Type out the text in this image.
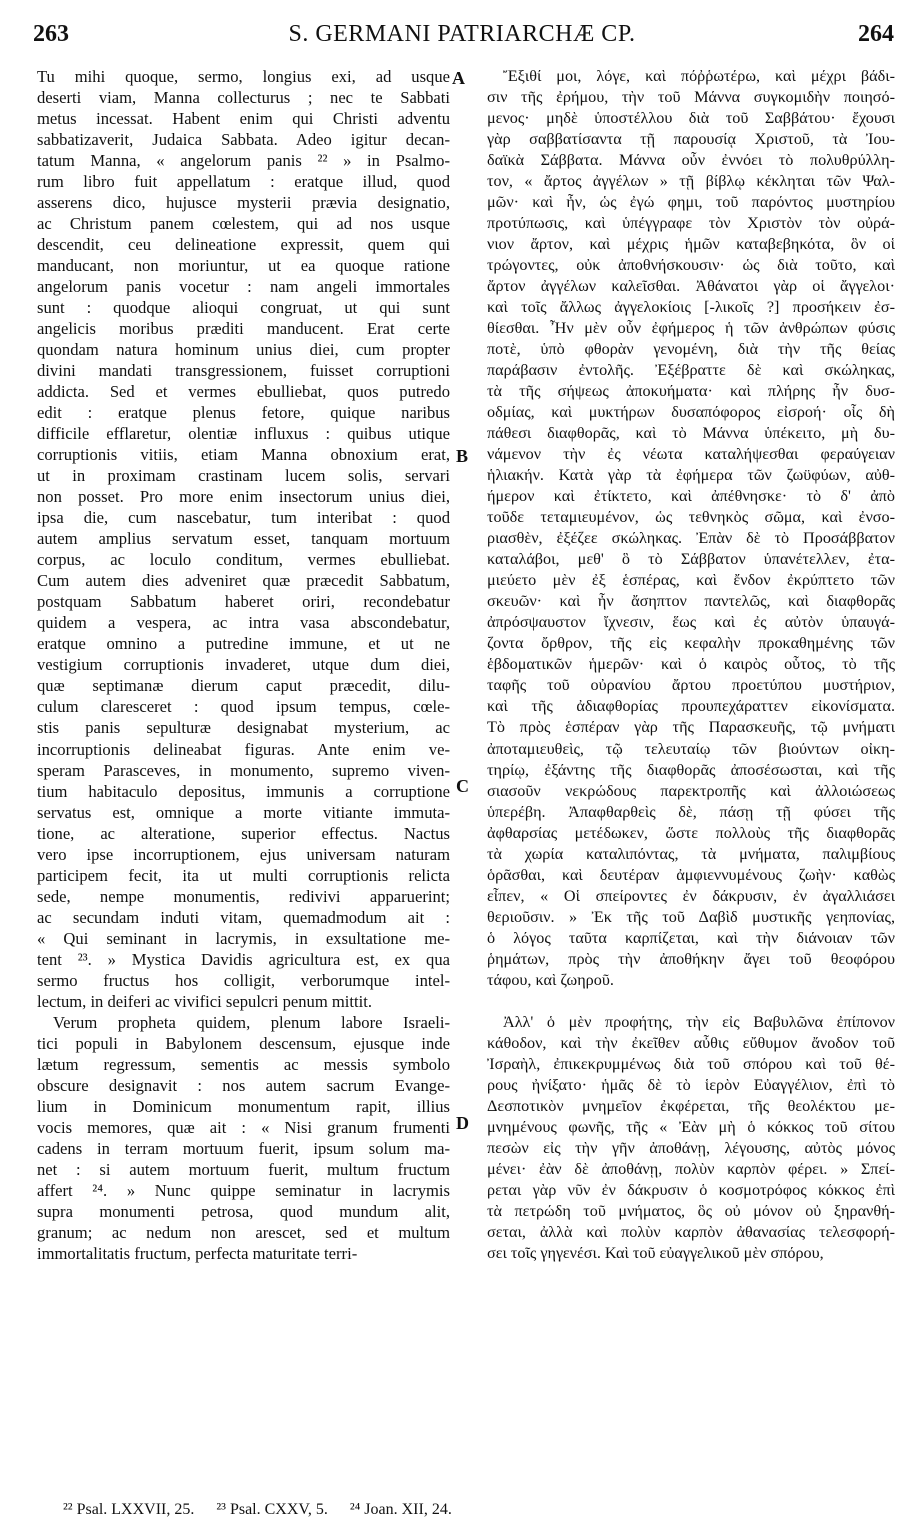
263	S. GERMANI PATRIARCHÆ CP.	264
Tu mihi quoque, sermo, longius exi, ad usque
deserti viam, Manna collecturus ; nec te Sabbati
metus incessat. Habent enim qui Christi adventu
sabbatizaverit, Judaica Sabbata. Adeo igitur decan-
tatum Manna, « angelorum panis ²² » in Psalmo-
rum libro fuit appellatum : eratque illud, quod
asserens dico, hujusce mysterii prævia designatio,
ac Christum panem cœlestem, qui ad nos usque
descendit, ceu delineatione expressit, quem qui
manducant, non moriuntur, ut ea quoque ratione
angelorum panis vocetur : nam angeli immortales
sunt : quodque alioqui congruat, ut qui sunt
angelicis moribus præditi manducent. Erat certe
quondam natura hominum unius diei, cum propter
divini mandati transgressionem, fuisset corruptioni
addicta. Sed et vermes ebulliebat, quos putredo
edit : eratque plenus fetore, quique naribus
difficile efflaretur, olentiæ influxus : quibus utique
corruptionis vitiis, etiam Manna obnoxium erat,
ut in proximam crastinam lucem solis, servari
non posset. Pro more enim insectorum unius diei,
ipsa die, cum nascebatur, tum interibat : quod
autem amplius servatum esset, tanquam mortuum
corpus, ac loculo conditum, vermes ebulliebat.
Cum autem dies adveniret quæ præcedit Sabbatum,
postquam Sabbatum haberet oriri, recondebatur
quidem a vespera, ac intra vasa abscondebatur,
eratque omnino a putredine immune, et ut ne
vestigium corruptionis invaderet, utque dum diei,
quæ septimanæ dierum caput præcedit, dilu-
culum claresceret : quod ipsum tempus, cœle-
stis panis sepulturæ designabat mysterium, ac
incorruptionis delineabat figuras. Ante enim ve-
speram Parasceves, in monumento, supremo viven-
tium habitaculo depositus, immunis a corruptione
servatus est, omnique a morte vitiante immuta-
tione, ac alteratione, superior effectus. Nactus
vero ipse incorruptionem, ejus universam naturam
participem fecit, ita ut multi corruptionis relicta
sede, nempe monumentis, redivivi apparuerint;
ac secundam induti vitam, quemadmodum ait :
« Qui seminant in lacrymis, in exsultatione me-
tent ²³. » Mystica Davidis agricultura est, ex qua
sermo fructus hos colligit, verborumque intel-
lectum, in deiferi ac vivifici sepulcri penum mittit.
Verum propheta quidem, plenum labore Israeli-
tici populi in Babylonem descensum, ejusque inde
lætum regressum, sementis ac messis symbolo
obscure designavit : nos autem sacrum Evange-
lium in Dominicum monumentum rapit, illius
vocis memores, quæ ait : « Nisi granum frumenti
cadens in terram mortuum fuerit, ipsum solum ma-
net : si autem mortuum fuerit, multum fructum
affert ²⁴. » Nunc quippe seminatur in lacrymis
supra monumenti petrosa, quod mundum alit,
granum; ac nedum non arescet, sed et multum
immortalitatis fructum, perfecta maturitate terri-
Ἔξιθί μοι, λόγε, καὶ πόῤῥωτέρω, καὶ μέχρι βάδι-
σιν τῆς ἐρήμου, τὴν τοῦ Μάννα συγκομιδὴν ποιησό-
μενος· μηδὲ ὑποστέλλου διὰ τοῦ Σαββάτου· ἔχουσι
γὰρ σαββατίσαντα τῇ παρουσίᾳ Χριστοῦ, τὰ Ἰου-
δαϊκὰ Σάββατα. Μάννα οὖν ἐννόει τὸ πολυθρύλλη-
τον, « ἄρτος ἀγγέλων » τῇ βίβλῳ κέκληται τῶν Ψαλ-
μῶν· καὶ ἦν, ὡς ἐγώ φημι, τοῦ παρόντος μυστηρίου
προτύπωσις, καὶ ὑπέγγραφε τὸν Χριστὸν τὸν οὐρά-
νιον ἄρτον, καὶ μέχρις ἡμῶν καταβεβηκότα, ὃν οἱ
τρώγοντες, οὐκ ἀποθνήσκουσιν· ὡς διὰ τοῦτο, καὶ
ἄρτον ἀγγέλων καλεῖσθαι. Ἀθάνατοι γὰρ οἱ ἄγγελοι·
καὶ τοῖς ἄλλως ἀγγελοκίοις [-λικοῖς ?] προσήκειν ἐσ-
θίεσθαι. Ἦν μὲν οὖν ἐφήμερος ἡ τῶν ἀνθρώπων φύσις
ποτὲ, ὑπὸ φθορὰν γενομένη, διὰ τὴν τῆς θείας
παράβασιν ἐντολῆς. Ἐξέβραττε δὲ καὶ σκώληκας,
τὰ τῆς σήψεως ἀποκυήματα· καὶ πλήρης ἦν δυσ-
οδμίας, καὶ μυκτήρων δυσαπόφορος εἰσροή· οἷς δὴ
πάθεσι διαφθορᾶς, καὶ τὸ Μάννα ὑπέκειτο, μὴ δυ-
νάμενον τὴν ἐς νέωτα καταλήψεσθαι φεραύγειαν
ἡλιακήν. Κατὰ γὰρ τὰ ἐφήμερα τῶν ζωϋφύων, αὐθ-
ήμερον καὶ ἐτίκτετο, καὶ ἀπέθνησκε· τὸ δ' ἀπὸ
τοῦδε τεταμιευμένον, ὡς τεθνηκὸς σῶμα, καὶ ἐνσο-
ριασθὲν, ἐξέζεε σκώληκας. Ἐπὰν δὲ τὸ Προσάββατον
καταλάβοι, μεθ' ὃ τὸ Σάββατον ὑπανέτελλεν, ἐτα-
μιεύετο μὲν ἐξ ἑσπέρας, καὶ ἔνδον ἐκρύπτετο τῶν
σκευῶν· καὶ ἦν ἄσηπτον παντελῶς, καὶ διαφθορᾶς
ἀπρόσψαυστον ἴχνεσιν, ἕως καὶ ἐς αὐτὸν ὑπαυγά-
ζοντα ὄρθρον, τῆς εἰς κεφαλὴν προκαθημένης τῶν
ἑβδοματικῶν ἡμερῶν· καὶ ὁ καιρὸς οὗτος, τὸ τῆς
ταφῆς τοῦ οὐρανίου ἄρτου προετύπου μυστήριον,
καὶ τῆς ἀδιαφθορίας προυπεχάραττεν εἰκονίσματα.
Τὸ πρὸς ἑσπέραν γὰρ τῆς Παρασκευῆς, τῷ μνήματι
ἀποταμιευθεὶς, τῷ τελευταίῳ τῶν βιούντων οἰκη-
τηρίῳ, ἐξάντης τῆς διαφθορᾶς ἀποσέσωσται, καὶ τῆς
σιασοῦν νεκρώδους παρεκτροπῆς καὶ ἀλλοιώσεως
ὑπερέβη. Ἀπαφθαρθεὶς δὲ, πάσῃ τῇ φύσει τῆς
ἀφθαρσίας μετέδωκεν, ὥστε πολλοὺς τῆς διαφθορᾶς
τὰ χωρία καταλιπόντας, τὰ μνήματα, παλιμβίους
ὁρᾶσθαι, καὶ δευτέραν ἀμφιεννυμένους ζωὴν· καθὼς
εἶπεν, « Οἱ σπείροντες ἐν δάκρυσιν, ἐν ἀγαλλιάσει
θεριοῦσιν. » Ἐκ τῆς τοῦ Δαβὶδ μυστικῆς γεηπονίας,
ὁ λόγος ταῦτα καρπίζεται, καὶ τὴν διάνοιαν τῶν
ῥημάτων, πρὸς τὴν ἀποθήκην ἄγει τοῦ θεοφόρου
τάφου, καὶ ζωηροῦ.
Ἀλλ' ὁ μὲν προφήτης, τὴν εἰς Βαβυλῶνα ἐπίπονον
κάθοδον, καὶ τὴν ἐκεῖθεν αὖθις εὔθυμον ἄνοδον τοῦ
Ἰσραὴλ, ἐπικεκρυμμένως διὰ τοῦ σπόρου καὶ τοῦ θέ-
ρους ἠνίξατο· ἡμᾶς δὲ τὸ ἱερὸν Εὐαγγέλιον, ἐπὶ τὸ
Δεσποτικὸν μνημεῖον ἐκφέρεται, τῆς θεολέκτου με-
μνημένους φωνῆς, τῆς « Ἐὰν μὴ ὁ κόκκος τοῦ σίτου
πεσὼν εἰς τὴν γῆν ἀποθάνῃ, λέγουσης, αὐτὸς μόνος
μένει· ἐὰν δὲ ἀποθάνῃ, πολὺν καρπὸν φέρει. » Σπεί-
ρεται γὰρ νῦν ἐν δάκρυσιν ὁ κοσμοτρόφος κόκκος ἐπὶ
τὰ πετρώδη τοῦ μνήματος, ὃς οὐ μόνον οὐ ξηρανθή-
σεται, ἀλλὰ καὶ πολὺν καρπὸν ἀθανασίας τελεσφορή-
σει τοῖς γηγενέσι. Καὶ τοῦ εὐαγγελικοῦ μὲν σπόρου,
A
B
C
D
²² Psal. LXXVII, 25. ²³ Psal. CXXV, 5. ²⁴ Joan. XII, 24.
